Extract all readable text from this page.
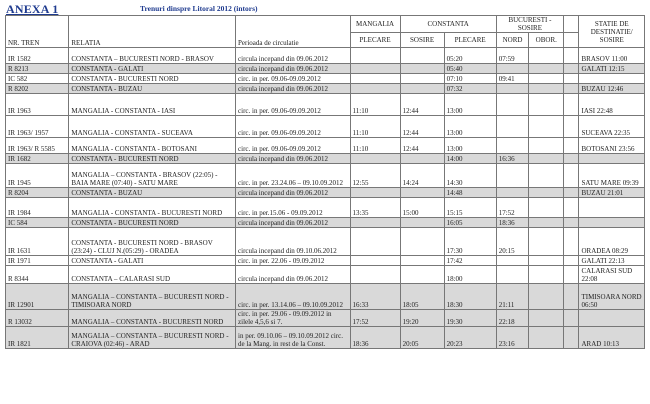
ANEXA 1	Trenuri dinspre Litoral 2012 (intors)
NR. TREN	RELATIA	Perioada de circulatie	MANGALIA	CONSTANTA		BUCURESTI - SOSIRE			STATIE DE DESTINATIE/ SOSIRE
			PLECARE	SOSIRE	PLECARE	NORD	OBOR.		
IR 1582	CONSTANTA – BUCURESTI NORD - BRASOV	circula incepand din 09.06.2012			05:20	07:59			BRASOV 11:00
R 8213	CONSTANTA - GALATI	circula incepand din 09.06.2012			05:40				GALATI 12:15
IC 582	CONSTANTA - BUCURESTI NORD	circ. in per. 09.06-09.09.2012			07:10	09:41			
R 8202	CONSTANTA - BUZAU	circula incepand din 09.06.2012			07:32				BUZAU 12:46
IR 1963	MANGALIA - CONSTANTA - IASI	circ. in per. 09.06-09.09.2012	11:10	12:44	13:00				IASI 22:48
IR 1963/ 1957	MANGALIA - CONSTANTA - SUCEAVA	circ. in per. 09.06-09.09.2012	11:10	12:44	13:00				SUCEAVA 22:35
IR 1963/ R 5585	MANGALIA - CONSTANTA - BOTOSANI	circ. in per. 09.06-09.09.2012	11:10	12:44	13:00				BOTOSANI 23:56
IR 1682	CONSTANTA - BUCURESTI NORD	circula incepand din 09.06.2012			14:00	16:36			
IR 1945	MANGALIA – CONSTANTA - BRASOV (22:05) - BAIA MARE (07:40) - SATU MARE	circ. in per. 23.24.06 – 09.10.09.2012	12:55	14:24	14:30				SATU MARE 09:39
R 8204	CONSTANTA - BUZAU	circula incepand din 09.06.2012			14:48				BUZAU 21:01
IR 1984	MANGALIA - CONSTANTA - BUCURESTI NORD	circ. in per.15.06 - 09.09.2012	13:35	15:00	15:15	17:52			
IC 584	CONSTANTA - BUCURESTI NORD	circula incepand din 09.06.2012			16:05	18:36			
IR 1631	CONSTANTA - BUCURESTI NORD - BRASOV (23:24) - CLUJ N.(05:29) - ORADEA	circula incepand din 09.10.06.2012			17:30	20:15			ORADEA 08:29
IR 1971	CONSTANTA - GALATI	circ. in per. 22.06 - 09.09.2012			17:42				GALATI 22:13
R 8344	CONSTANTA – CALARASI SUD	circula incepand din 09.06.2012			18:00				CALARASI SUD 22:08
IR 12901	MANGALIA – CONSTANTA – BUCURESTI NORD - TIMISOARA NORD	circ. in per. 13.14.06 – 09.10.09.2012	16:33	18:05	18:30	21:11			TIMISOARA NORD 06:50
R 13032	MANGALIA – CONSTANTA - BUCURESTI NORD	circ. in per. 29.06 - 09.09.2012 in zilele 4,5,6 si 7.	17:52	19:20	19:30	22:18			
IR 1821	MANGALIA – CONSTANTA – BUCURESTI NORD - CRAIOVA (02:46) - ARAD	in per. 09.10.06 – 09.10.09.2012 circ. de la Mang. in rest de la Const.	18:36	20:05	20:23	23:16			ARAD 10:13
